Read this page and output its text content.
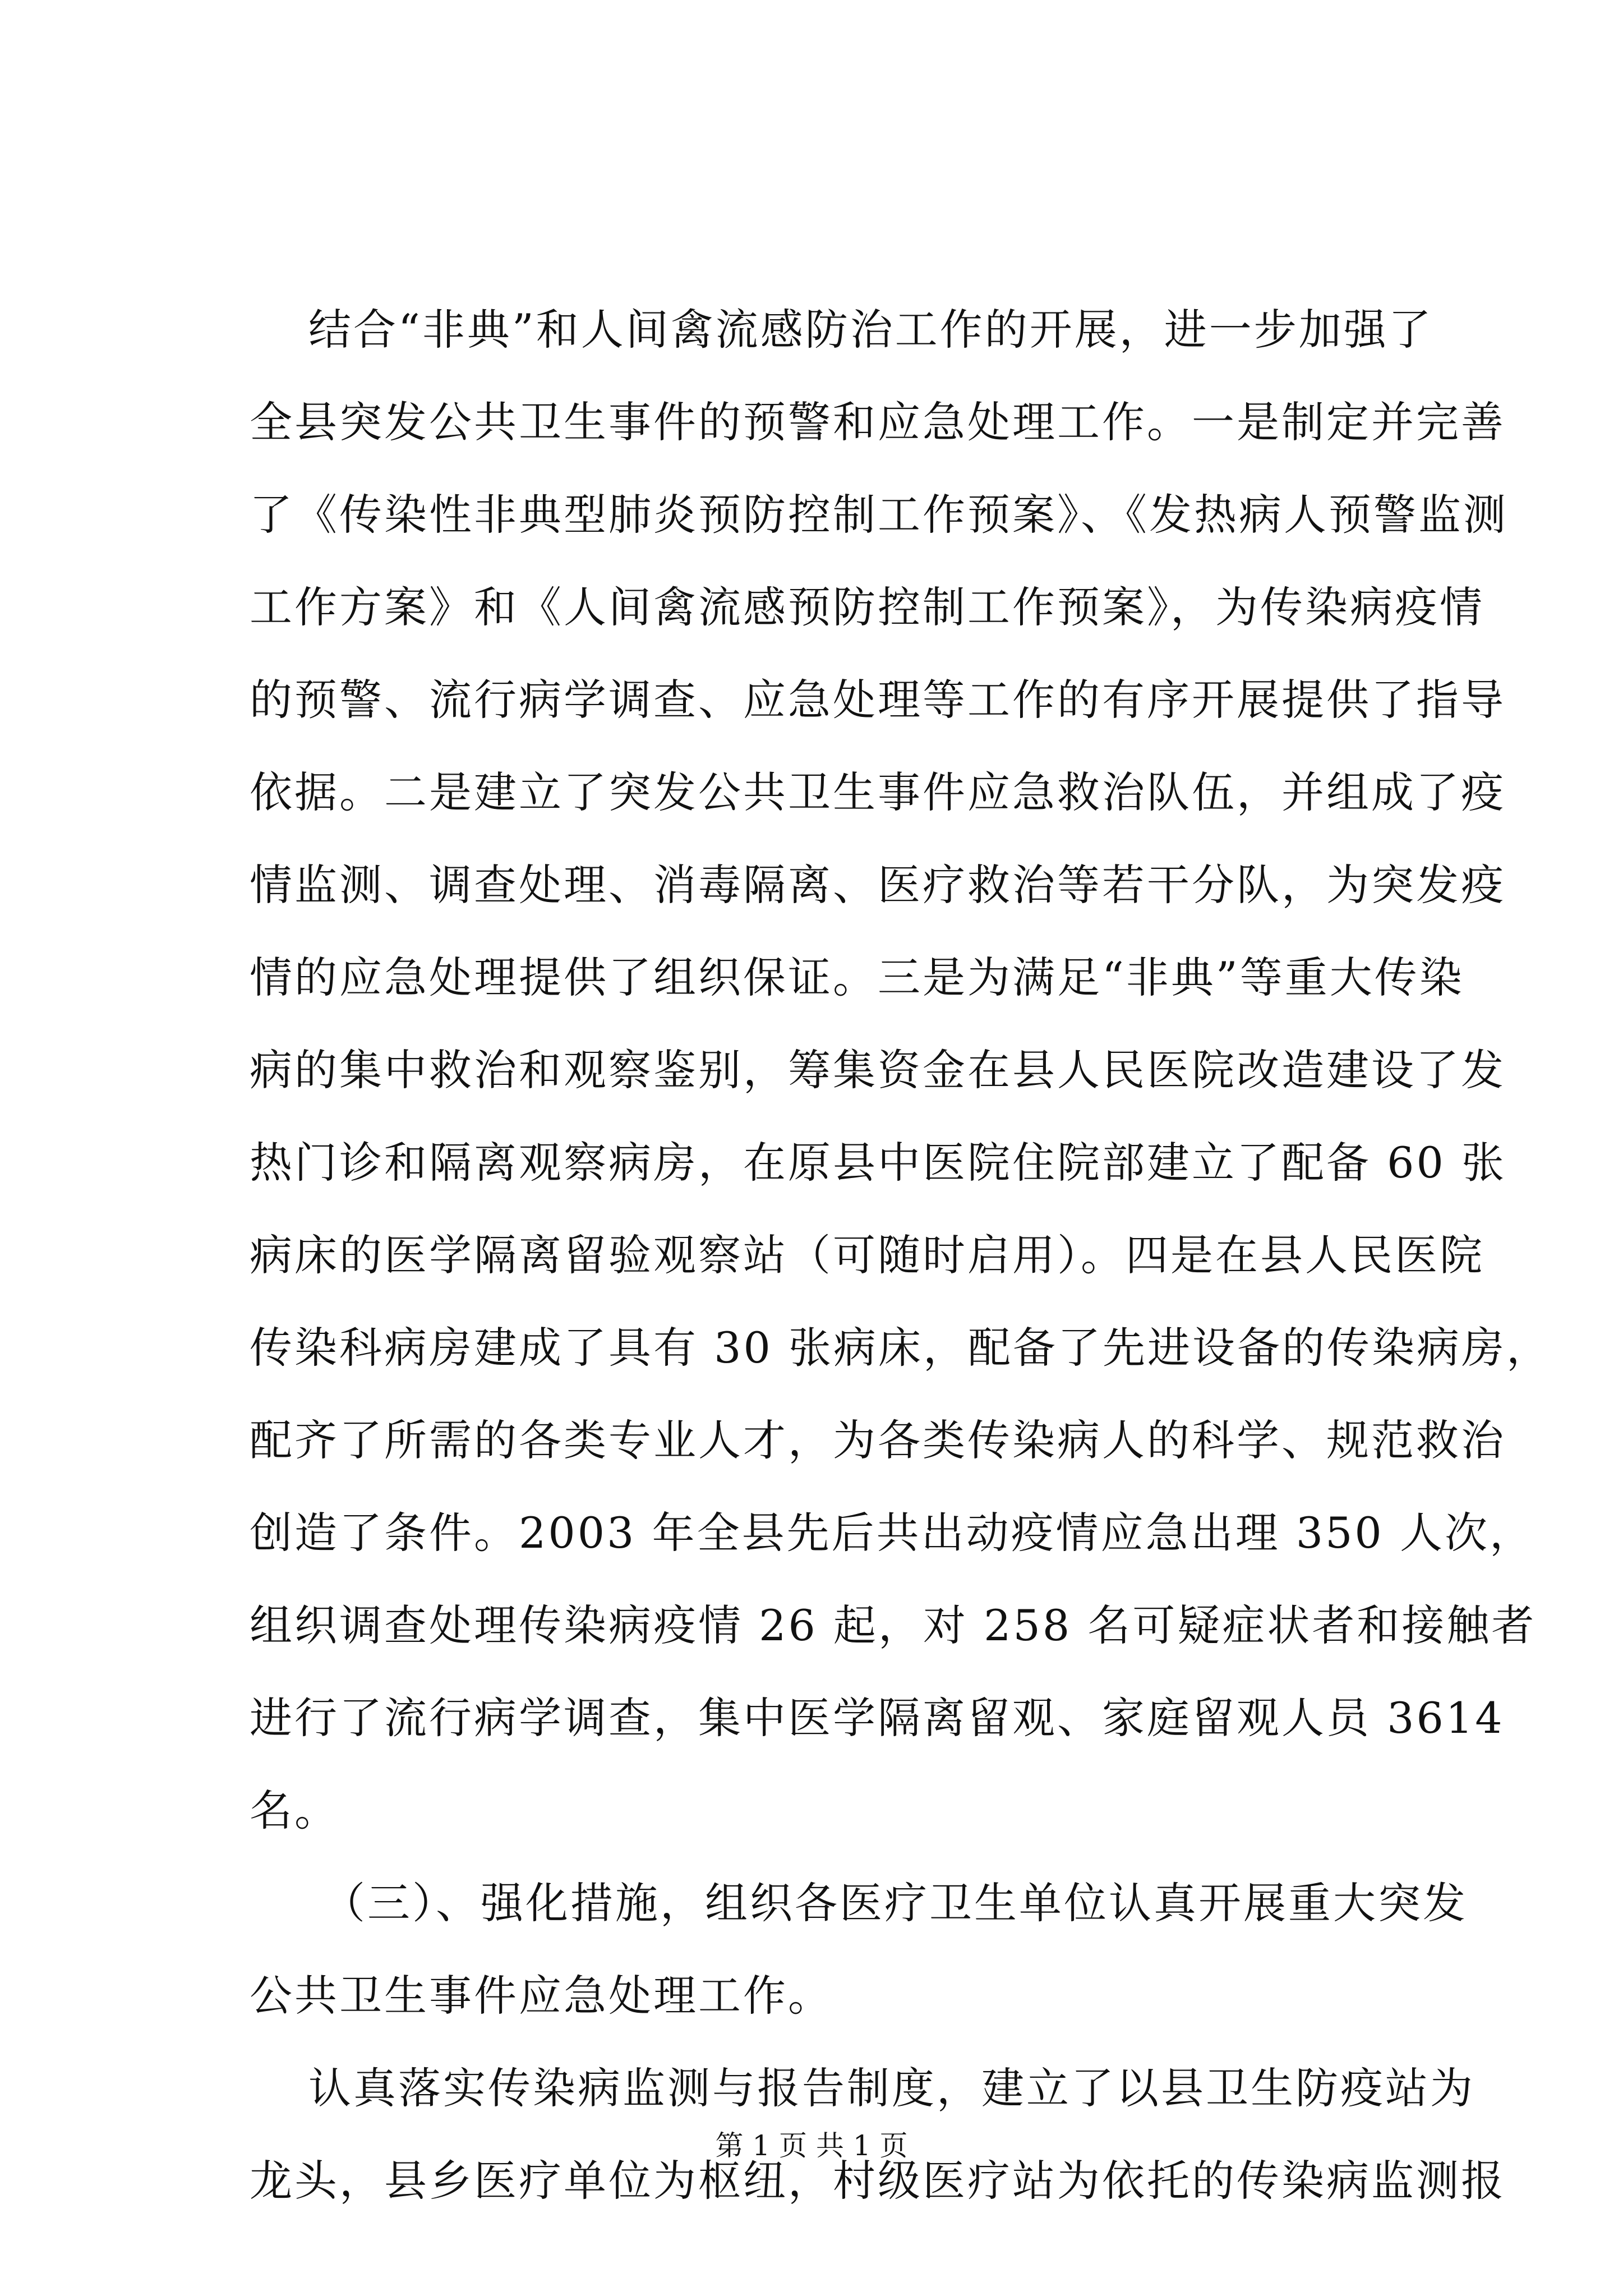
结合“非典”和人间禽流感防治工作的开展，进一步加强了
全县突发公共卫生事件的预警和应急处理工作。一是制定并完善
了《传染性非典型肺炎预防控制工作预案》、《发热病人预警监测
工作方案》和《人间禽流感预防控制工作预案》，为传染病疫情
的预警、流行病学调查、应急处理等工作的有序开展提供了指导
依据。二是建立了突发公共卫生事件应急救治队伍，并组成了疫
情监测、调查处理、消毒隔离、医疗救治等若干分队，为突发疫
情的应急处理提供了组织保证。三是为满足“非典”等重大传染
病的集中救治和观察鉴别，筹集资金在县人民医院改造建设了发
热门诊和隔离观察病房，在原县中医院住院部建立了配备 60 张
病床的医学隔离留验观察站（可随时启用）。四是在县人民医院
传染科病房建成了具有 30 张病床，配备了先进设备的传染病房，
配齐了所需的各类专业人才，为各类传染病人的科学、规范救治
创造了条件。2003 年全县先后共出动疫情应急出理 350 人次，
组织调查处理传染病疫情 26 起，对 258 名可疑症状者和接触者
进行了流行病学调查，集中医学隔离留观、家庭留观人员 3614
名。
（三）、强化措施，组织各医疗卫生单位认真开展重大突发
公共卫生事件应急处理工作。
认真落实传染病监测与报告制度，建立了以县卫生防疫站为
龙头，县乡医疗单位为枢纽，村级医疗站为依托的传染病监测报
第 1 页 共 1 页
